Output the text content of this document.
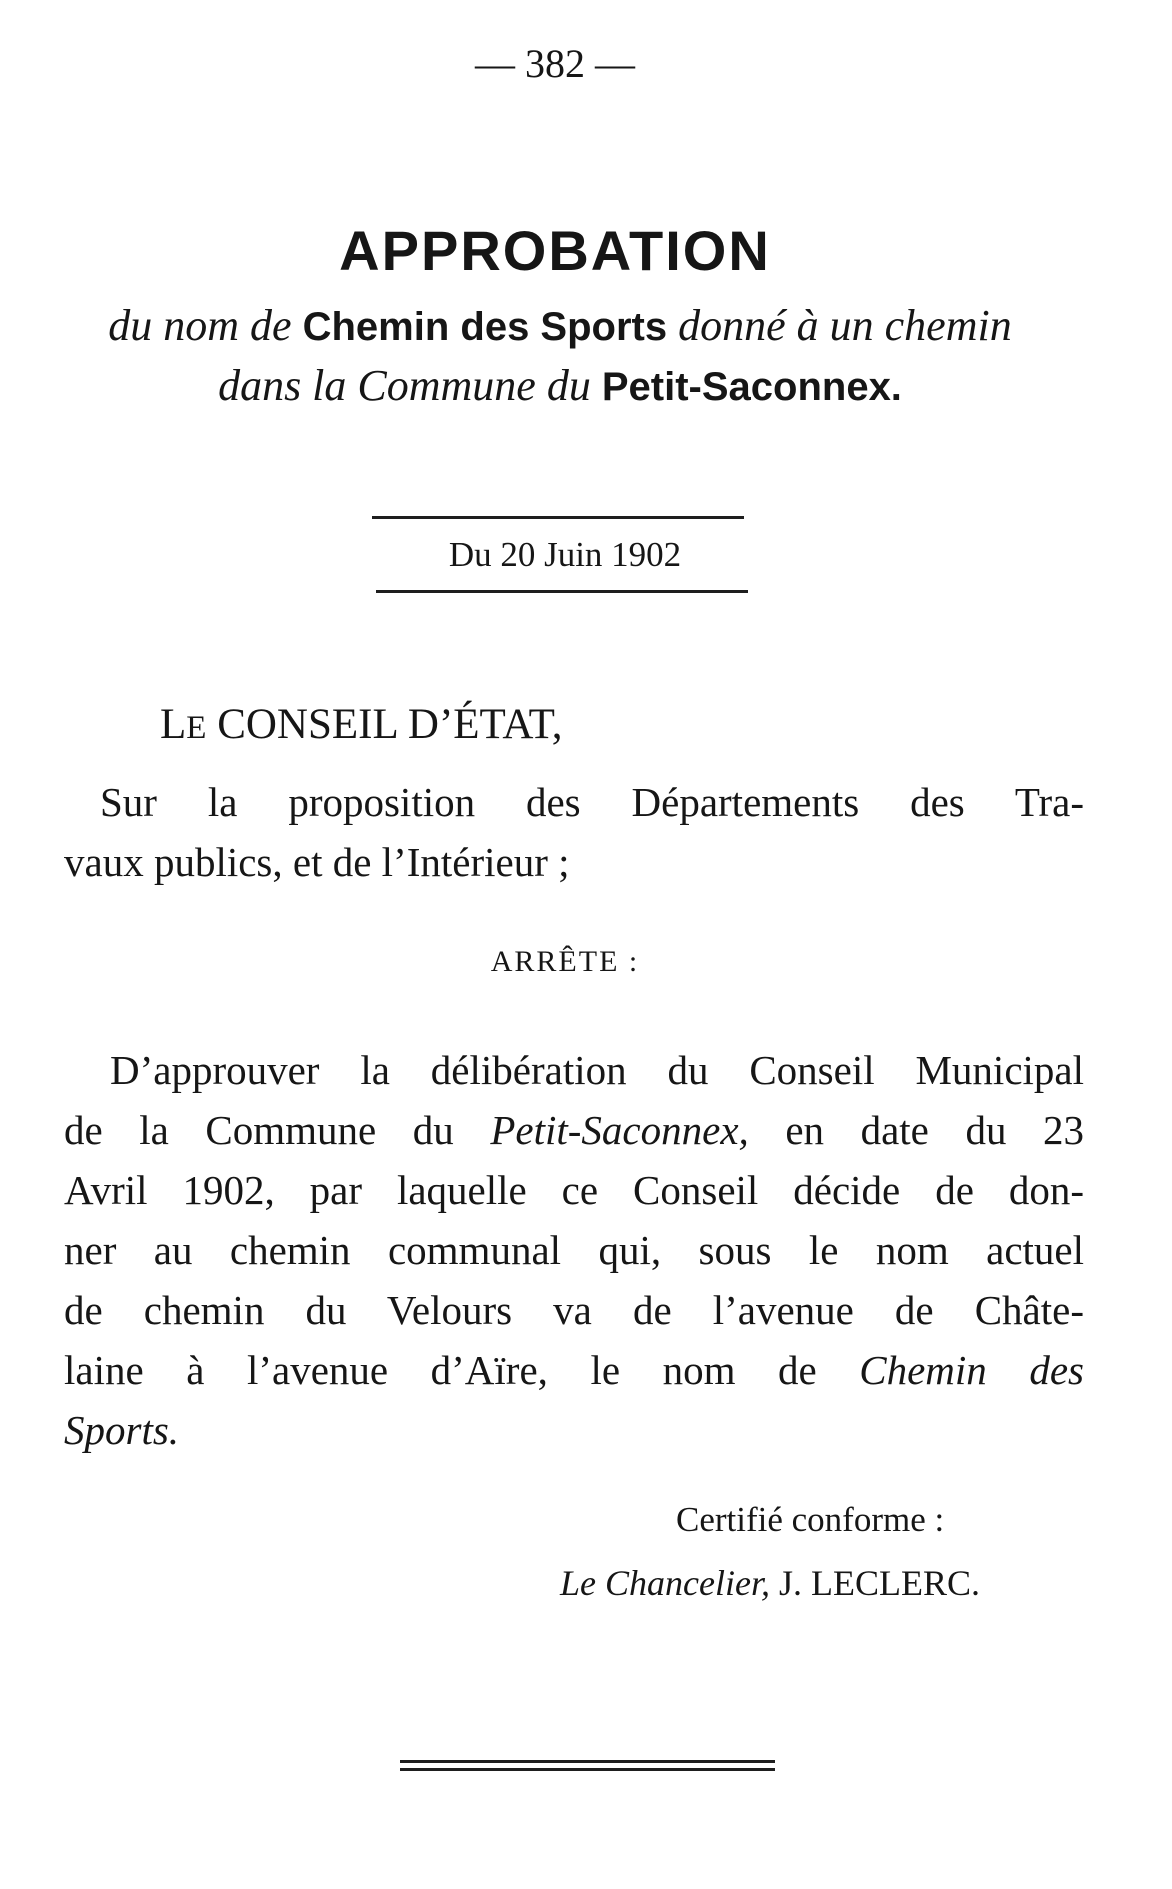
— 382 —
APPROBATION
du nom de Chemin des Sports donné à un chemin
dans la Commune du Petit-Saconnex.
Du 20 Juin 1902
LE CONSEIL D’ÉTAT,
Sur la proposition des Départements des Tra-
vaux publics, et de l’Intérieur ;
ARRÊTE :
D’approuver la délibération du Conseil Municipal
de la Commune du Petit-Saconnex, en date du 23
Avril 1902, par laquelle ce Conseil décide de don-
ner au chemin communal qui, sous le nom actuel
de chemin du Velours va de l’avenue de Châte-
laine à l’avenue d’Aïre, le nom de Chemin des
Sports.
Certifié conforme :
Le Chancelier, J. LECLERC.
